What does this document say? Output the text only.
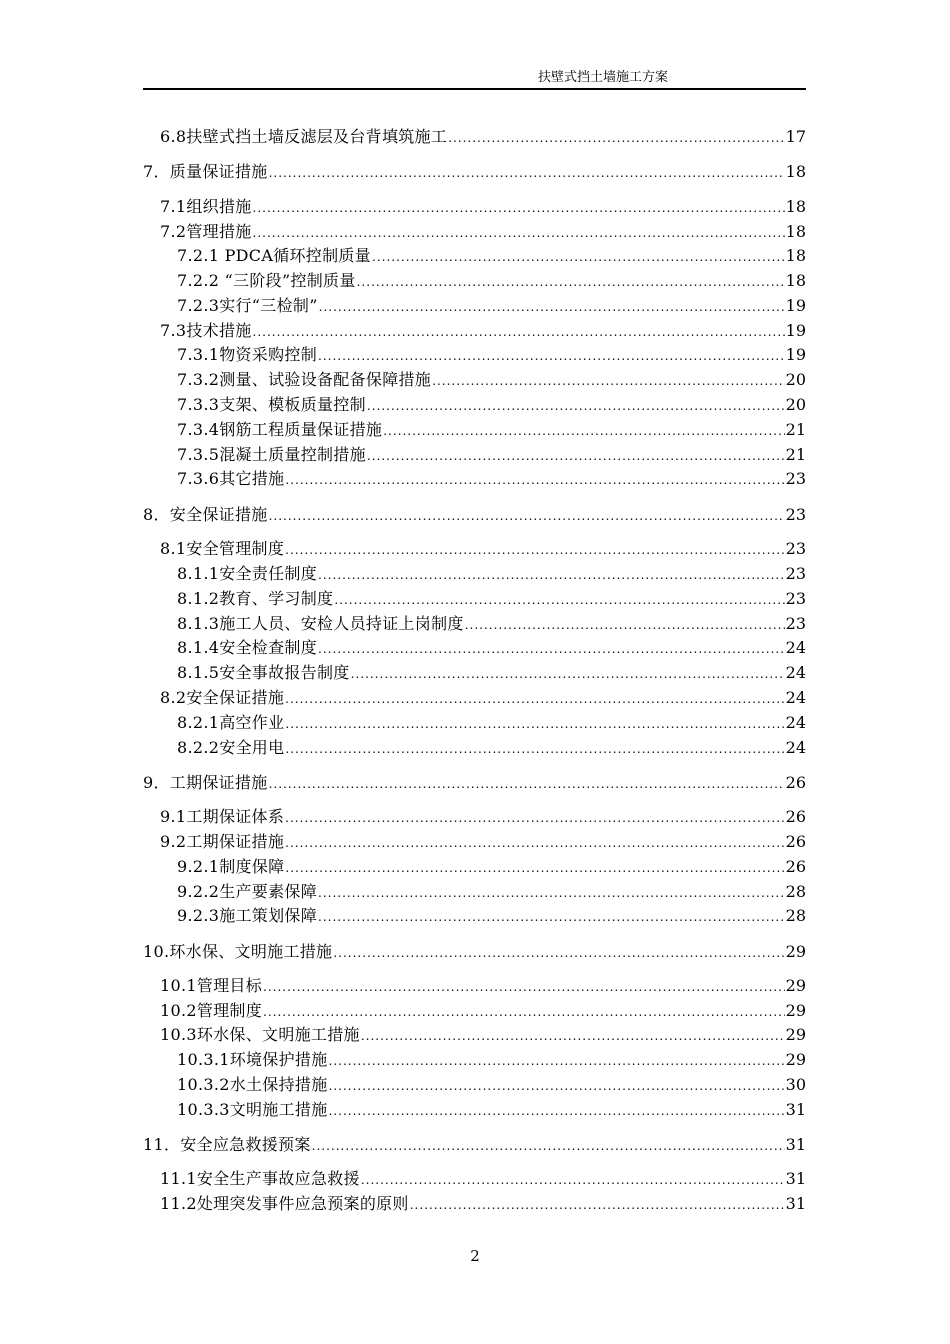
扶壁式挡土墙施工方案
6.8扶壁式挡土墙反滤层及台背填筑施工 .....	17
7．质量保证措施 .....	18
7.1组织措施 .....	18
7.2管理措施 .....	18
7.2.1 PDCA循环控制质量 .....	18
7.2.2 “三阶段”控制质量 .....	18
7.2.3实行“三检制” .....	19
7.3技术措施 .....	19
7.3.1物资采购控制 .....	19
7.3.2测量、试验设备配备保障措施 .....	20
7.3.3支架、模板质量控制 .....	20
7.3.4钢筋工程质量保证措施 .....	21
7.3.5混凝土质量控制措施 .....	21
7.3.6其它措施 .....	23
8．安全保证措施 .....	23
8.1安全管理制度 .....	23
8.1.1安全责任制度 .....	23
8.1.2教育、学习制度 .....	23
8.1.3施工人员、安检人员持证上岗制度 .....	23
8.1.4安全检查制度 .....	24
8.1.5安全事故报告制度 .....	24
8.2安全保证措施 .....	24
8.2.1高空作业 .....	24
8.2.2安全用电 .....	24
9．工期保证措施 .....	26
9.1工期保证体系 .....	26
9.2工期保证措施 .....	26
9.2.1制度保障 .....	26
9.2.2生产要素保障 .....	28
9.2.3施工策划保障 .....	28
10.环水保、文明施工措施 .....	29
10.1管理目标 .....	29
10.2管理制度 .....	29
10.3环水保、文明施工措施 .....	29
10.3.1环境保护措施 .....	29
10.3.2水土保持措施 .....	30
10.3.3文明施工措施 .....	31
11．安全应急救援预案 .....	31
11.1安全生产事故应急救援 .....	31
11.2处理突发事件应急预案的原则 .....	31
2
